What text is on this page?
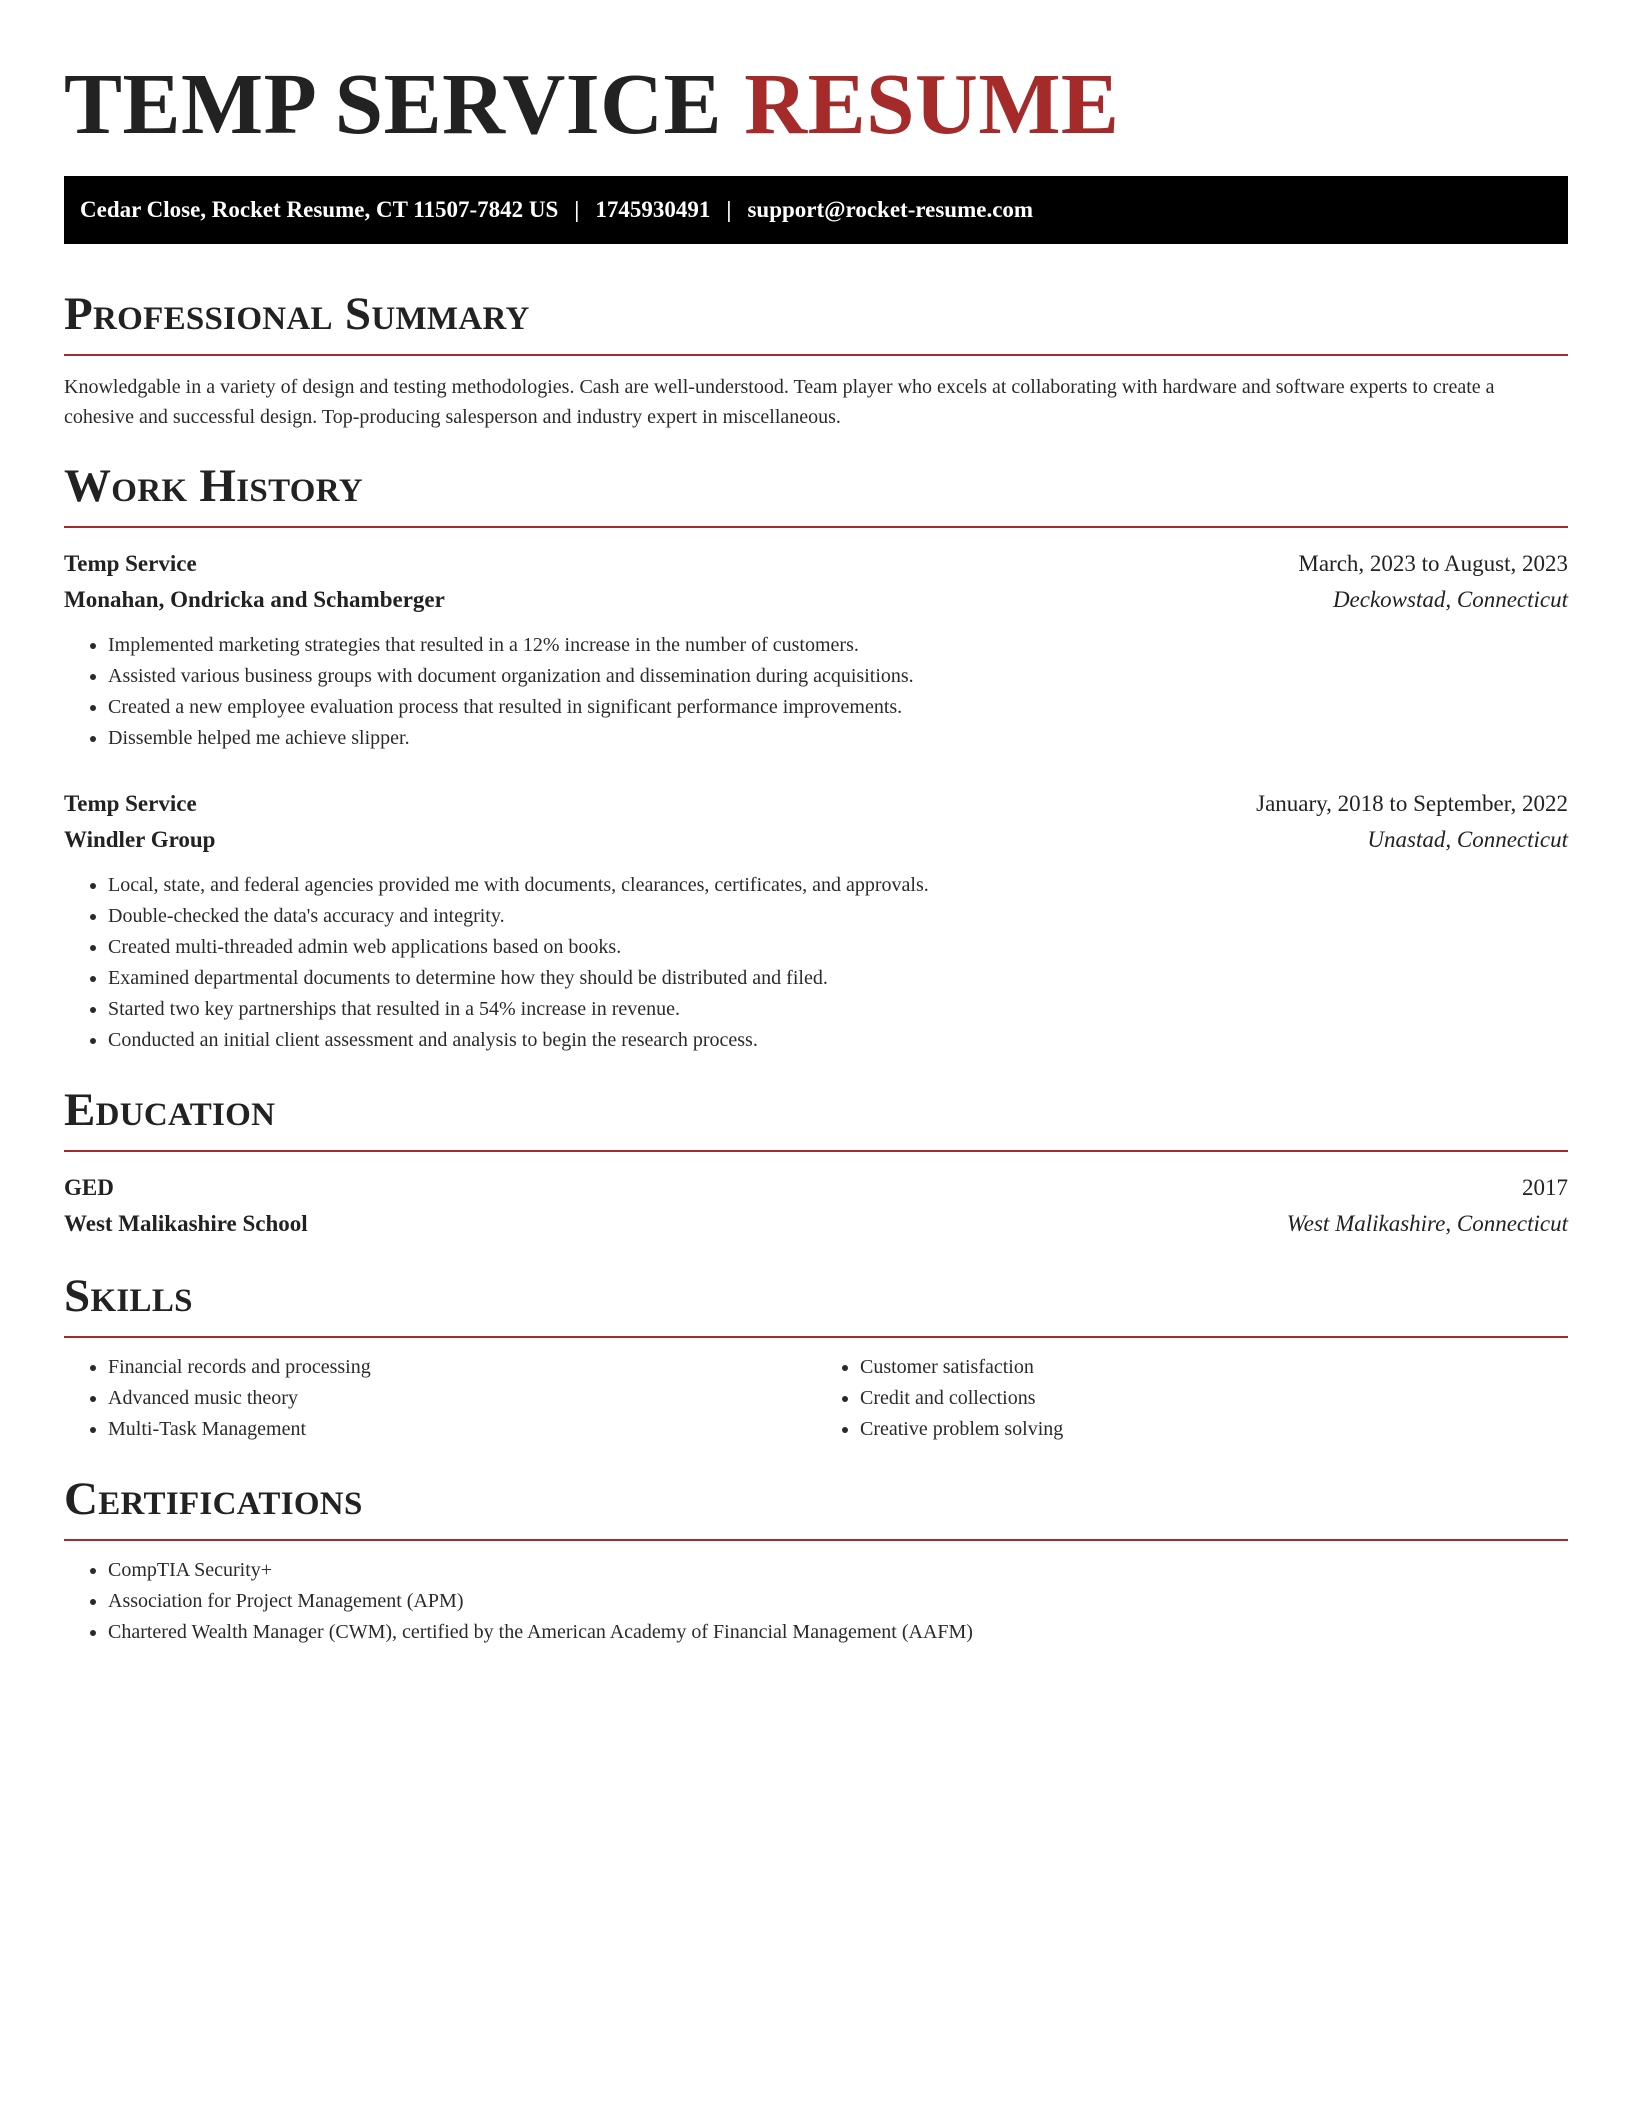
TEMP SERVICE RESUME
Cedar Close, Rocket Resume, CT 11507-7842 US | 1745930491 | support@rocket-resume.com
Professional Summary

Knowledgable in a variety of design and testing methodologies. Cash are well-understood. Team player who excels at collaborating with hardware and software experts to create a cohesive and successful design. Top-producing salesperson and industry expert in miscellaneous.

Work History
Temp Service	March, 2023 to August, 2023
Monahan, Ondricka and Schamberger	Deckowstad, Connecticut
• Implemented marketing strategies that resulted in a 12% increase in the number of customers.
• Assisted various business groups with document organization and dissemination during acquisitions.
• Created a new employee evaluation process that resulted in significant performance improvements.
• Dissemble helped me achieve slipper.
Temp Service	January, 2018 to September, 2022
Windler Group	Unastad, Connecticut
• Local, state, and federal agencies provided me with documents, clearances, certificates, and approvals.
• Double-checked the data's accuracy and integrity.
• Created multi-threaded admin web applications based on books.
• Examined departmental documents to determine how they should be distributed and filed.
• Started two key partnerships that resulted in a 54% increase in revenue.
• Conducted an initial client assessment and analysis to begin the research process.
Education
GED	2017
West Malikashire School	West Malikashire, Connecticut
Skills
• Financial records and processing
• Advanced music theory
• Multi-Task Management
• Customer satisfaction
• Credit and collections
• Creative problem solving
Certifications
• CompTIA Security+
• Association for Project Management (APM)
• Chartered Wealth Manager (CWM), certified by the American Academy of Financial Management (AAFM)
